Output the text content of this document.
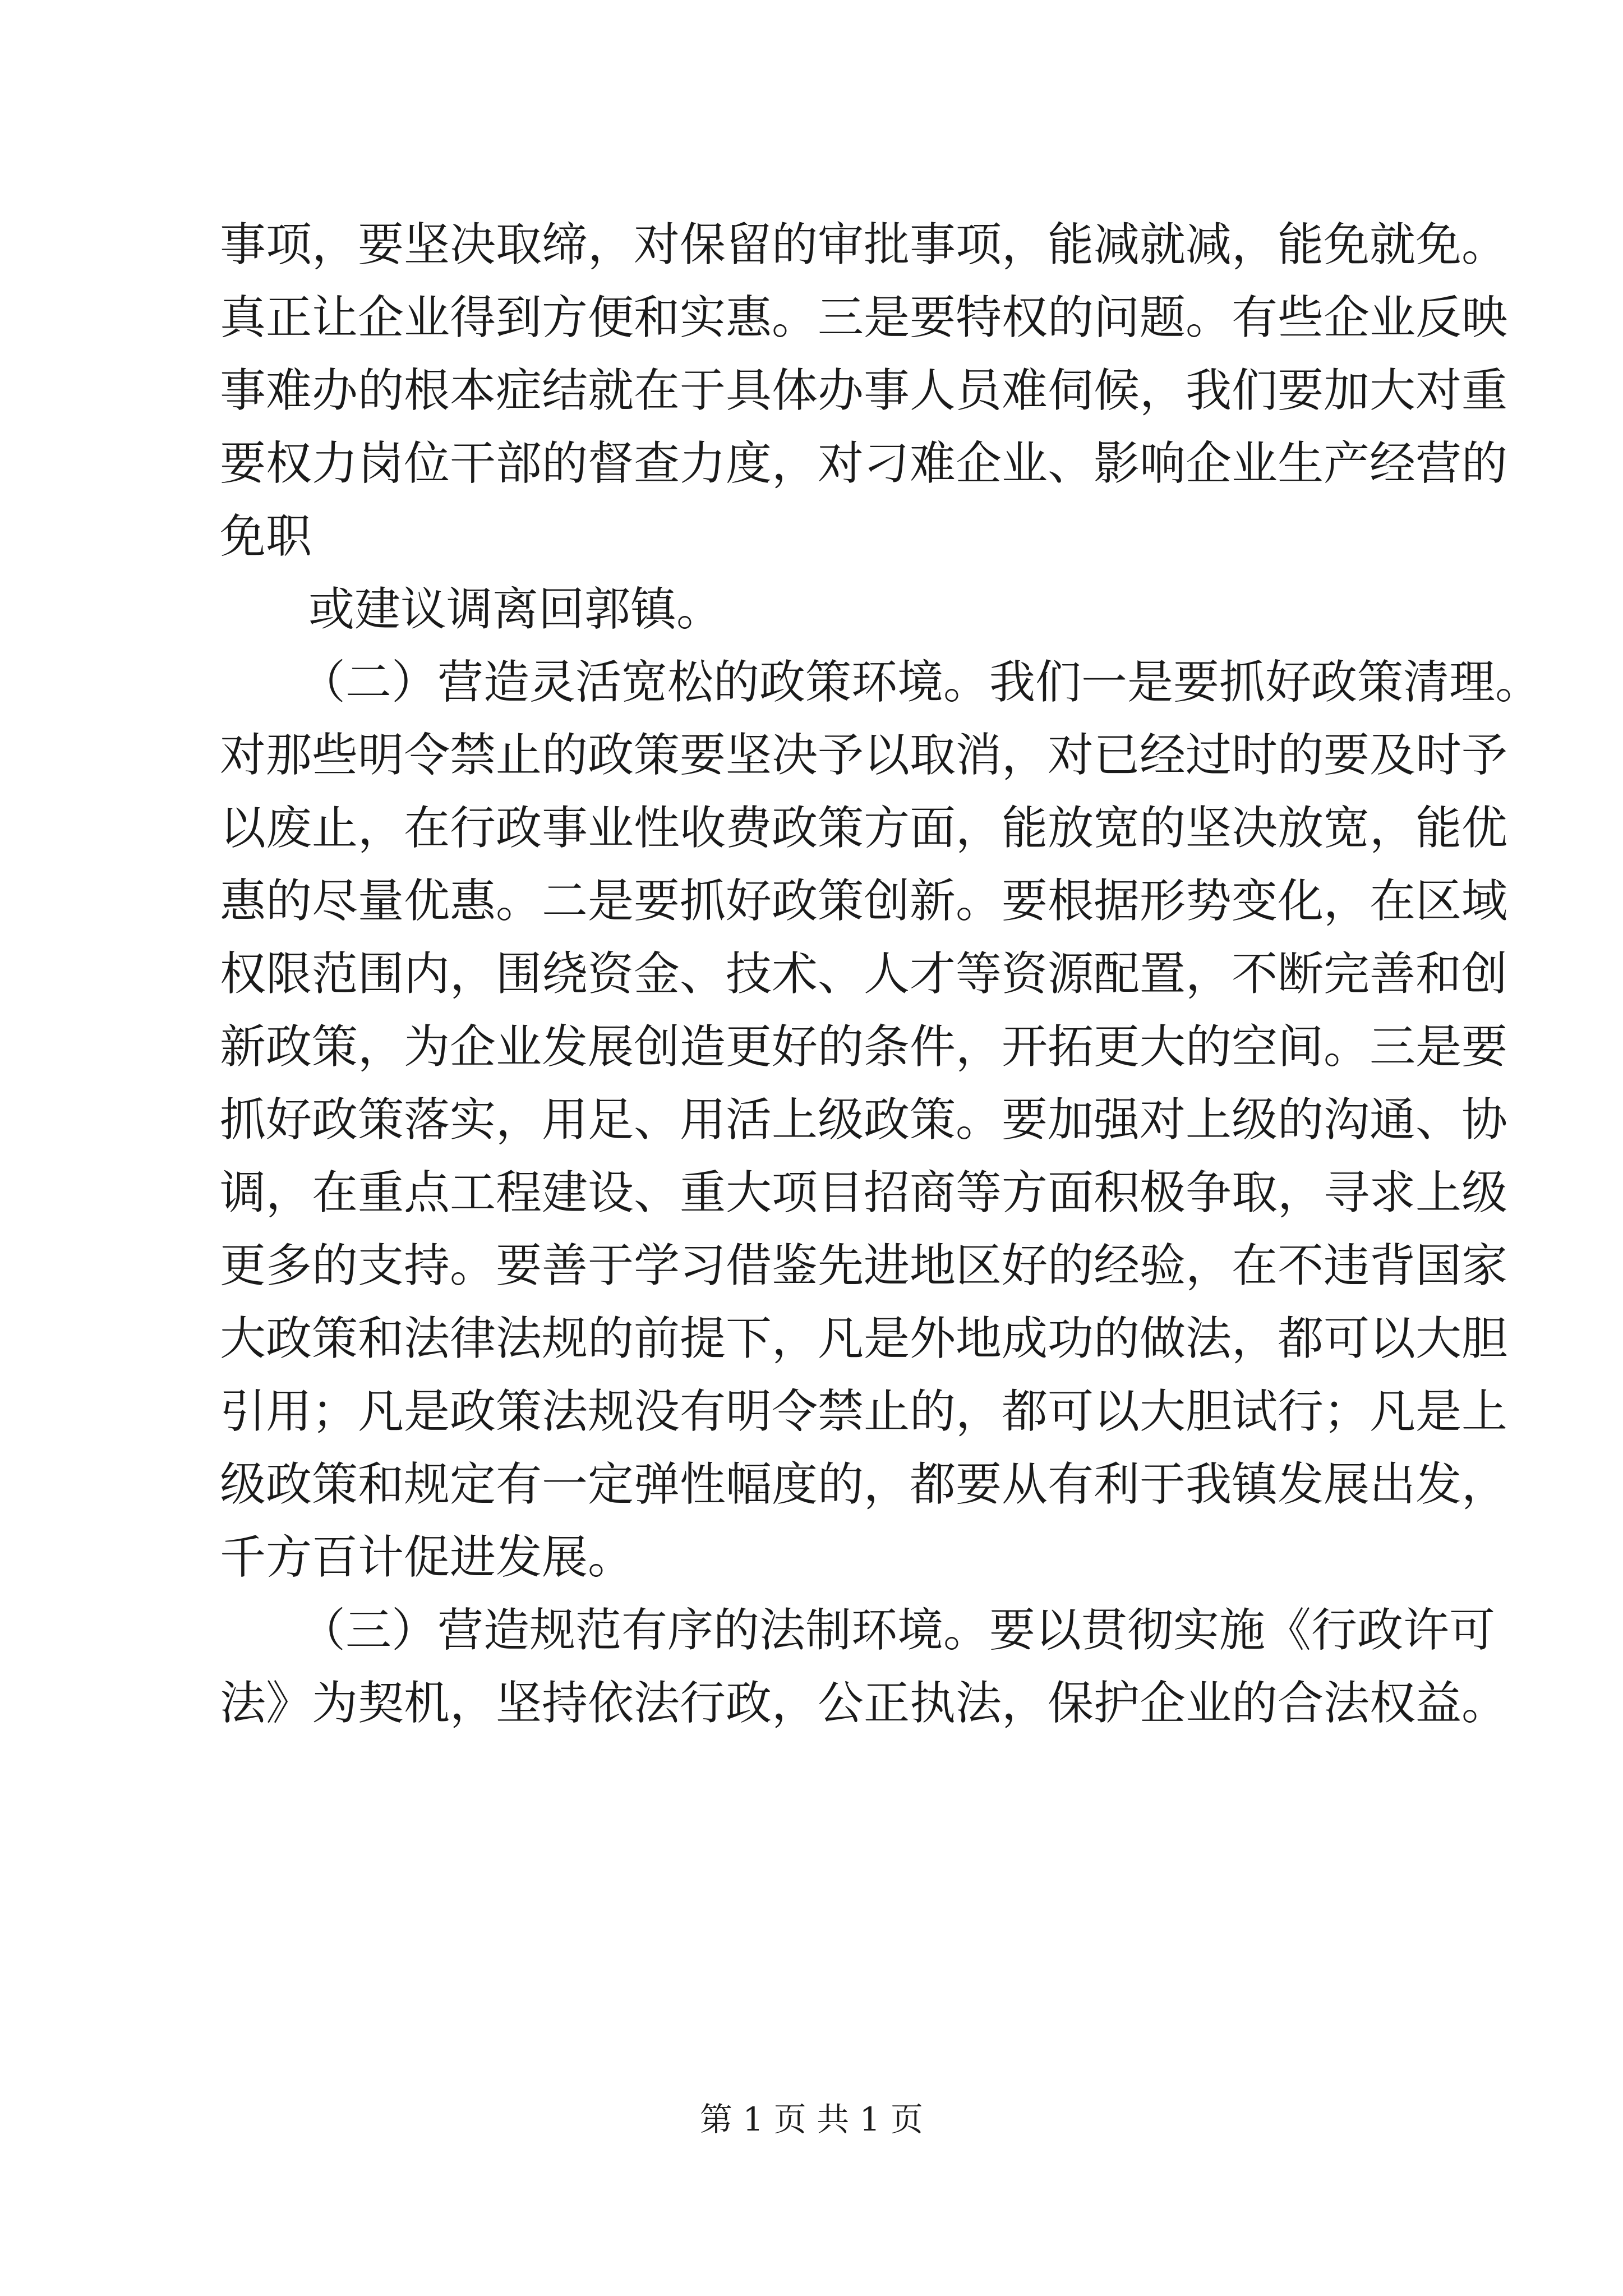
事项，要坚决取缔，对保留的审批事项，能减就减，能免就免。
真正让企业得到方便和实惠。三是要特权的问题。有些企业反映
事难办的根本症结就在于具体办事人员难伺候，我们要加大对重
要权力岗位干部的督查力度，对刁难企业、影响企业生产经营的
免职
或建议调离回郭镇。
（二）营造灵活宽松的政策环境。我们一是要抓好政策清理。
对那些明令禁止的政策要坚决予以取消，对已经过时的要及时予
以废止，在行政事业性收费政策方面，能放宽的坚决放宽，能优
惠的尽量优惠。二是要抓好政策创新。要根据形势变化，在区域
权限范围内，围绕资金、技术、人才等资源配置，不断完善和创
新政策，为企业发展创造更好的条件，开拓更大的空间。三是要
抓好政策落实，用足、用活上级政策。要加强对上级的沟通、协
调，在重点工程建设、重大项目招商等方面积极争取，寻求上级
更多的支持。要善于学习借鉴先进地区好的经验，在不违背国家
大政策和法律法规的前提下，凡是外地成功的做法，都可以大胆
引用；凡是政策法规没有明令禁止的，都可以大胆试行；凡是上
级政策和规定有一定弹性幅度的，都要从有利于我镇发展出发，
千方百计促进发展。
（三）营造规范有序的法制环境。要以贯彻实施《行政许可
法》为契机，坚持依法行政，公正执法，保护企业的合法权益。
第 1 页 共 1 页
